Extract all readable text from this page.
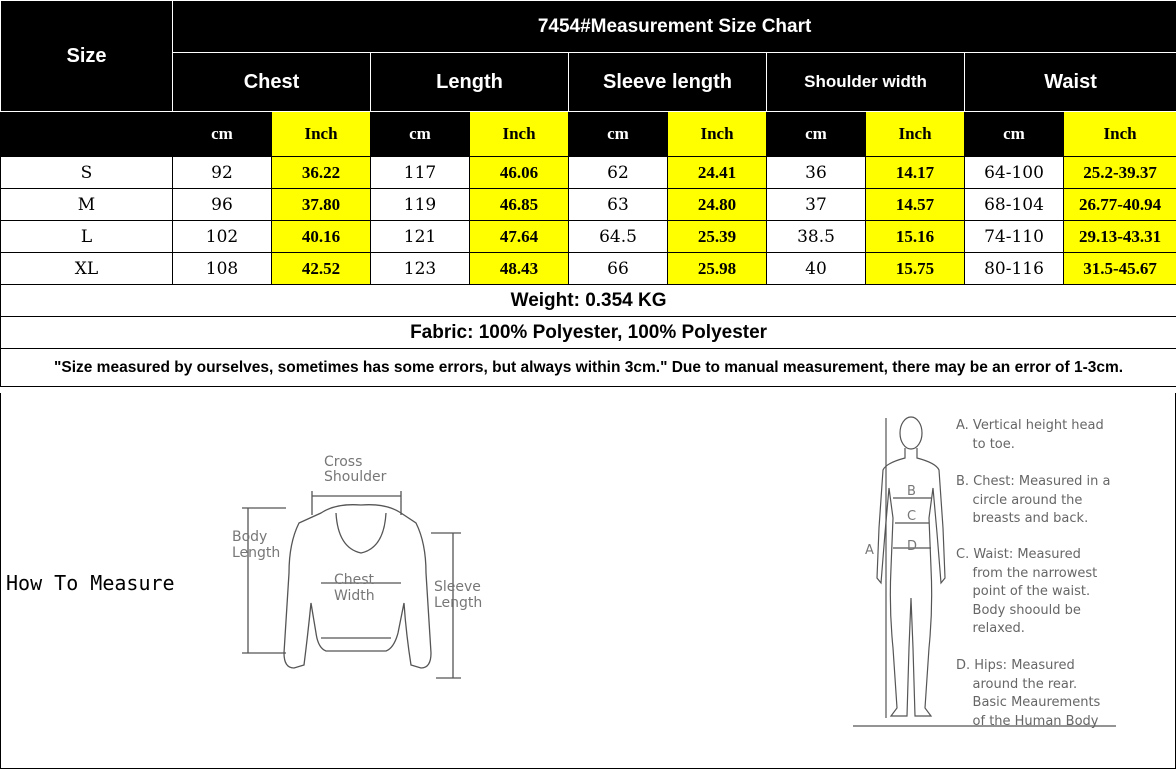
Size	7454#Measurement Size Chart									
	Chest		Length		Sleeve length		Shoulder width		Waist	
	cm	Inch	cm	Inch	cm	Inch	cm	Inch	cm	Inch
S	92	36.22	117	46.06	62	24.41	36	14.17	64-100	25.2-39.37
M	96	37.80	119	46.85	63	24.80	37	14.57	68-104	26.77-40.94
L	102	40.16	121	47.64	64.5	25.39	38.5	15.16	74-110	29.13-43.31
XL	108	42.52	123	48.43	66	25.98	40	15.75	80-116	31.5-45.67
Weight: 0.354 KG										
Fabric: 100% Polyester, 100% Polyester										
"Size measured by ourselves, sometimes has some errors, but always within 3cm." Due to manual measurement, there may be an error of 1-3cm.										
How To Measure
Cross
Shoulder
Body
Length
Chest
Width
Sleeve
Length
A
B
C
D
A. Vertical height head
to toe.
B. Chest: Measured in a
circle around the
breasts and back.
C. Waist: Measured
from the narrowest
point of the waist.
Body shoould be
relaxed.
D. Hips: Measured
around the rear.
Basic Meaurements
of the Human Body
